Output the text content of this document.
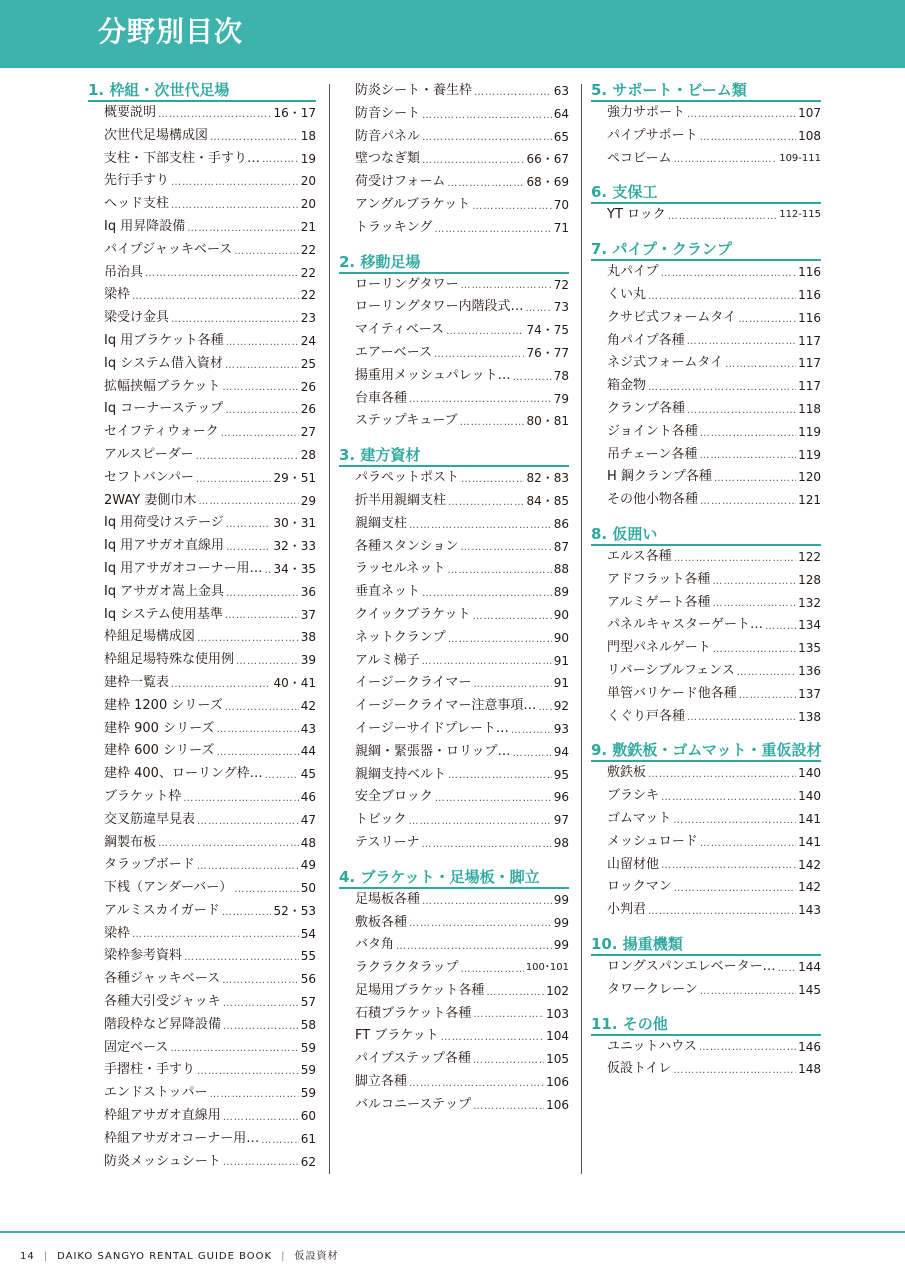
分野別目次
1. 枠組・次世代足場
概要説明 ………………………………………………………………………………	16・17
次世代足場構成図 ………………………………………………………………………………	18
支柱・下部支柱・手すり… ………………………………………………………………………………	19
先行手すり ………………………………………………………………………………	20
ヘッド支柱 ………………………………………………………………………………	20
Iq 用昇降設備 ………………………………………………………………………………	21
パイプジャッキベース ………………………………………………………………………………	22
吊治具 ………………………………………………………………………………	22
梁枠 ………………………………………………………………………………	22
梁受け金具 ………………………………………………………………………………	23
Iq 用ブラケット各種 ………………………………………………………………………………	24
Iq システム借入資材 ………………………………………………………………………………	25
拡幅挟幅ブラケット ………………………………………………………………………………	26
Iq コーナーステップ ………………………………………………………………………………	26
セイフティウォーク ………………………………………………………………………………	27
アルスピーダー ………………………………………………………………………………	28
セフトバンパー ………………………………………………………………………………	29・51
2WAY 妻側巾木 ………………………………………………………………………………	29
Iq 用荷受けステージ ………………………………………………………………………………	30・31
Iq 用アサガオ直線用 ………………………………………………………………………………	32・33
Iq 用アサガオコーナー用… ……………………………………………………………………………… 34・35
Iq アサガオ嵩上金具 ………………………………………………………………………………	36
Iq システム使用基準 ………………………………………………………………………………	37
枠組足場構成図 ………………………………………………………………………………	38
枠組足場特殊な使用例 ………………………………………………………………………………	39
建枠一覧表 ………………………………………………………………………………	40・41
建枠 1200 シリーズ ………………………………………………………………………………	42
建枠 900 シリーズ ………………………………………………………………………………	43
建枠 600 シリーズ ………………………………………………………………………………	44
建枠 400、ローリング枠… ………………………………………………………………………………	45
ブラケット枠 ………………………………………………………………………………	46
交叉筋違早見表 ………………………………………………………………………………	47
鋼製布板 ………………………………………………………………………………	48
タラップボード ………………………………………………………………………………	49
下桟（アンダーバー） ………………………………………………………………………………	50
アルミスカイガード ………………………………………………………………………………	52・53
梁枠 ………………………………………………………………………………	54
梁枠参考資料 ………………………………………………………………………………	55
各種ジャッキベース ………………………………………………………………………………	56
各種大引受ジャッキ ………………………………………………………………………………	57
階段枠など昇降設備 ………………………………………………………………………………	58
固定ベース ………………………………………………………………………………	59
手摺柱・手すり ………………………………………………………………………………	59
エンドストッパー ………………………………………………………………………………	59
枠組アサガオ直線用 ………………………………………………………………………………	60
枠組アサガオコーナー用… ………………………………………………………………………………	61
防炎メッシュシート ………………………………………………………………………………	62
防炎シート・養生枠 ………………………………………………………………………………	63
防音シート ………………………………………………………………………………	64
防音パネル ………………………………………………………………………………	65
壁つなぎ類 ………………………………………………………………………………	66・67
荷受けフォーム ………………………………………………………………………………	68・69
アングルブラケット ………………………………………………………………………………	70
トラッキング ………………………………………………………………………………	71
2. 移動足場
ローリングタワー ………………………………………………………………………………	72
ローリングタワー内階段式… ………………………………………………………………………………	73
マイティベース ………………………………………………………………………………	74・75
エアーベース ………………………………………………………………………………	76・77
揚重用メッシュパレット… ………………………………………………………………………………	78
台車各種 ………………………………………………………………………………	79
ステップキューブ ………………………………………………………………………………	80・81
3. 建方資材
パラペットポスト ………………………………………………………………………………	82・83
折半用親綱支柱 ………………………………………………………………………………	84・85
親綱支柱 ………………………………………………………………………………	86
各種スタンション ………………………………………………………………………………	87
ラッセルネット ………………………………………………………………………………	88
垂直ネット ………………………………………………………………………………	89
クイックブラケット ………………………………………………………………………………	90
ネットクランプ ………………………………………………………………………………	90
アルミ梯子 ………………………………………………………………………………	91
イージークライマー ………………………………………………………………………………	91
イージークライマー注意事項… ……………………………………………………………………………… 92
イージーサイドプレート… ………………………………………………………………………………	93
親綱・緊張器・ロリップ… ………………………………………………………………………………	94
親綱支持ベルト ………………………………………………………………………………	95
安全ブロック ………………………………………………………………………………	96
トビック ………………………………………………………………………………	97
テスリーナ ………………………………………………………………………………	98
4. ブラケット・足場板・脚立
足場板各種 ………………………………………………………………………………	99
敷板各種 ………………………………………………………………………………	99
バタ角 ………………………………………………………………………………	99
ラクラクタラップ ………………………………………………………………………………	100･101
足場用ブラケット各種 ………………………………………………………………………………	102
石積ブラケット各種 ………………………………………………………………………………	103
FT ブラケット ………………………………………………………………………………	104
パイプステップ各種 ………………………………………………………………………………	105
脚立各種 ………………………………………………………………………………	106
バルコニーステップ ………………………………………………………………………………	106
5. サポート・ビーム類
強力サポート ………………………………………………………………………………	107
パイプサポート ………………………………………………………………………………	108
ペコビーム ………………………………………………………………………………	109-111
6. 支保工
YT ロック ………………………………………………………………………………	112-115
7. パイプ・クランプ
丸パイプ ………………………………………………………………………………	116
くい丸 ………………………………………………………………………………	116
クサビ式フォームタイ ………………………………………………………………………………	116
角パイプ各種 ………………………………………………………………………………	117
ネジ式フォームタイ ………………………………………………………………………………	117
箱金物 ………………………………………………………………………………	117
クランプ各種 ………………………………………………………………………………	118
ジョイント各種 ………………………………………………………………………………	119
吊チェーン各種 ………………………………………………………………………………	119
H 鋼クランプ各種 ………………………………………………………………………………	120
その他小物各種 ………………………………………………………………………………	121
8. 仮囲い
エルス各種 ………………………………………………………………………………	122
アドフラット各種 ………………………………………………………………………………	128
アルミゲート各種 ………………………………………………………………………………	132
パネルキャスターゲート… ………………………………………………………………………………	134
門型パネルゲート ………………………………………………………………………………	135
リバーシブルフェンス ………………………………………………………………………………	136
単管バリケード他各種 ………………………………………………………………………………	137
くぐり戸各種 ………………………………………………………………………………	138
9. 敷鉄板・ゴムマット・重仮設材
敷鉄板 ………………………………………………………………………………	140
ブラシキ ………………………………………………………………………………	140
ゴムマット ………………………………………………………………………………	141
メッシュロード ………………………………………………………………………………	141
山留材他 ………………………………………………………………………………	142
ロックマン ………………………………………………………………………………	142
小判君 ………………………………………………………………………………	143
10. 揚重機類
ロングスパンエレベーター… ……………………………………………………………………………… 144
タワークレーン ………………………………………………………………………………	145
11. その他
ユニットハウス ………………………………………………………………………………	146
仮設トイレ ………………………………………………………………………………	148
14 | DAIKO SANGYO RENTAL GUIDE BOOK | 仮設資材
